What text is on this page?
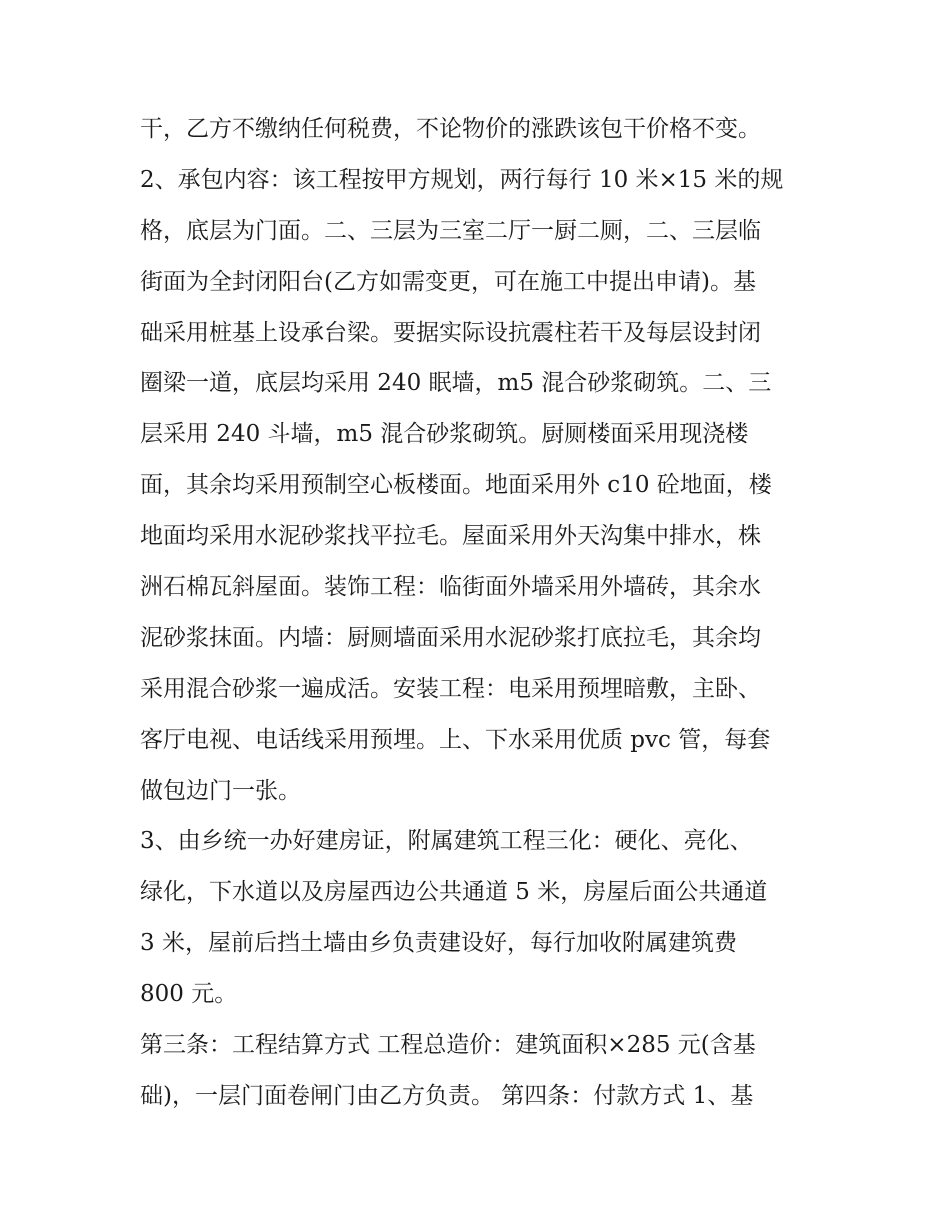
干，乙方不缴纳任何税费，不论物价的涨跌该包干价格不变。
2、承包内容：该工程按甲方规划，两行每行 10 米×15 米的规
格，底层为门面。二、三层为三室二厅一厨二厕，二、三层临
街面为全封闭阳台(乙方如需变更，可在施工中提出申请)。基
础采用桩基上设承台梁。要据实际设抗震柱若干及每层设封闭
圈梁一道，底层均采用 240 眠墙，m5 混合砂浆砌筑。二、三
层采用 240 斗墙，m5 混合砂浆砌筑。厨厕楼面采用现浇楼
面，其余均采用预制空心板楼面。地面采用外 c10 砼地面，楼
地面均采用水泥砂浆找平拉毛。屋面采用外天沟集中排水，株
洲石棉瓦斜屋面。装饰工程：临街面外墙采用外墙砖，其余水
泥砂浆抹面。内墙：厨厕墙面采用水泥砂浆打底拉毛，其余均
采用混合砂浆一遍成活。安装工程：电采用预埋暗敷，主卧、
客厅电视、电话线采用预埋。上、下水采用优质 pvc 管，每套
做包边门一张。
3、由乡统一办好建房证，附属建筑工程三化：硬化、亮化、
绿化，下水道以及房屋西边公共通道 5 米，房屋后面公共通道
3 米，屋前后挡土墙由乡负责建设好，每行加收附属建筑费
800 元。
第三条：工程结算方式 工程总造价：建筑面积×285 元(含基
础)，一层门面卷闸门由乙方负责。 第四条：付款方式 1、基
